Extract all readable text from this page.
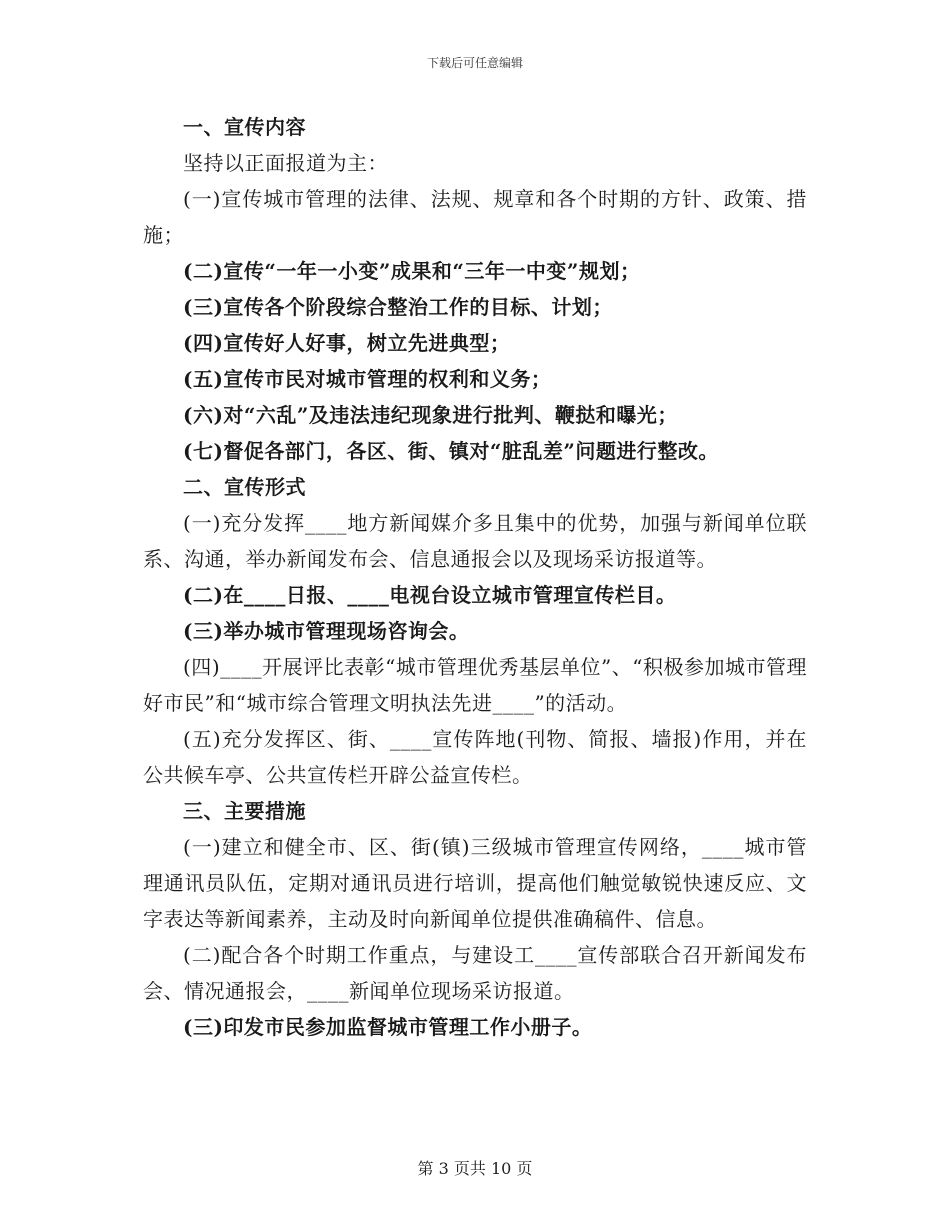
下载后可任意编辑

一、宣传内容

坚持以正面报道为主：

(一)宣传城市管理的法律、法规、规章和各个时期的方针、政策、措施；

(二)宣传“一年一小变”成果和“三年一中变”规划；

(三)宣传各个阶段综合整治工作的目标、计划；

(四)宣传好人好事，树立先进典型；

(五)宣传市民对城市管理的权利和义务；

(六)对“六乱”及违法违纪现象进行批判、鞭挞和曝光；

(七)督促各部门，各区、街、镇对“脏乱差”问题进行整改。

二、宣传形式

(一)充分发挥____地方新闻媒介多且集中的优势，加强与新闻单位联系、沟通，举办新闻发布会、信息通报会以及现场采访报道等。

(二)在____日报、____电视台设立城市管理宣传栏目。

(三)举办城市管理现场咨询会。

(四)____开展评比表彰“城市管理优秀基层单位”、“积极参加城市管理好市民”和“城市综合管理文明执法先进____”的活动。

(五)充分发挥区、街、____宣传阵地(刊物、简报、墙报)作用，并在公共候车亭、公共宣传栏开辟公益宣传栏。

三、主要措施

(一)建立和健全市、区、街(镇)三级城市管理宣传网络，____城市管理通讯员队伍，定期对通讯员进行培训，提高他们触觉敏锐快速反应、文字表达等新闻素养，主动及时向新闻单位提供准确稿件、信息。

(二)配合各个时期工作重点，与建设工____宣传部联合召开新闻发布会、情况通报会，____新闻单位现场采访报道。

(三)印发市民参加监督城市管理工作小册子。

第 3 页共 10 页
